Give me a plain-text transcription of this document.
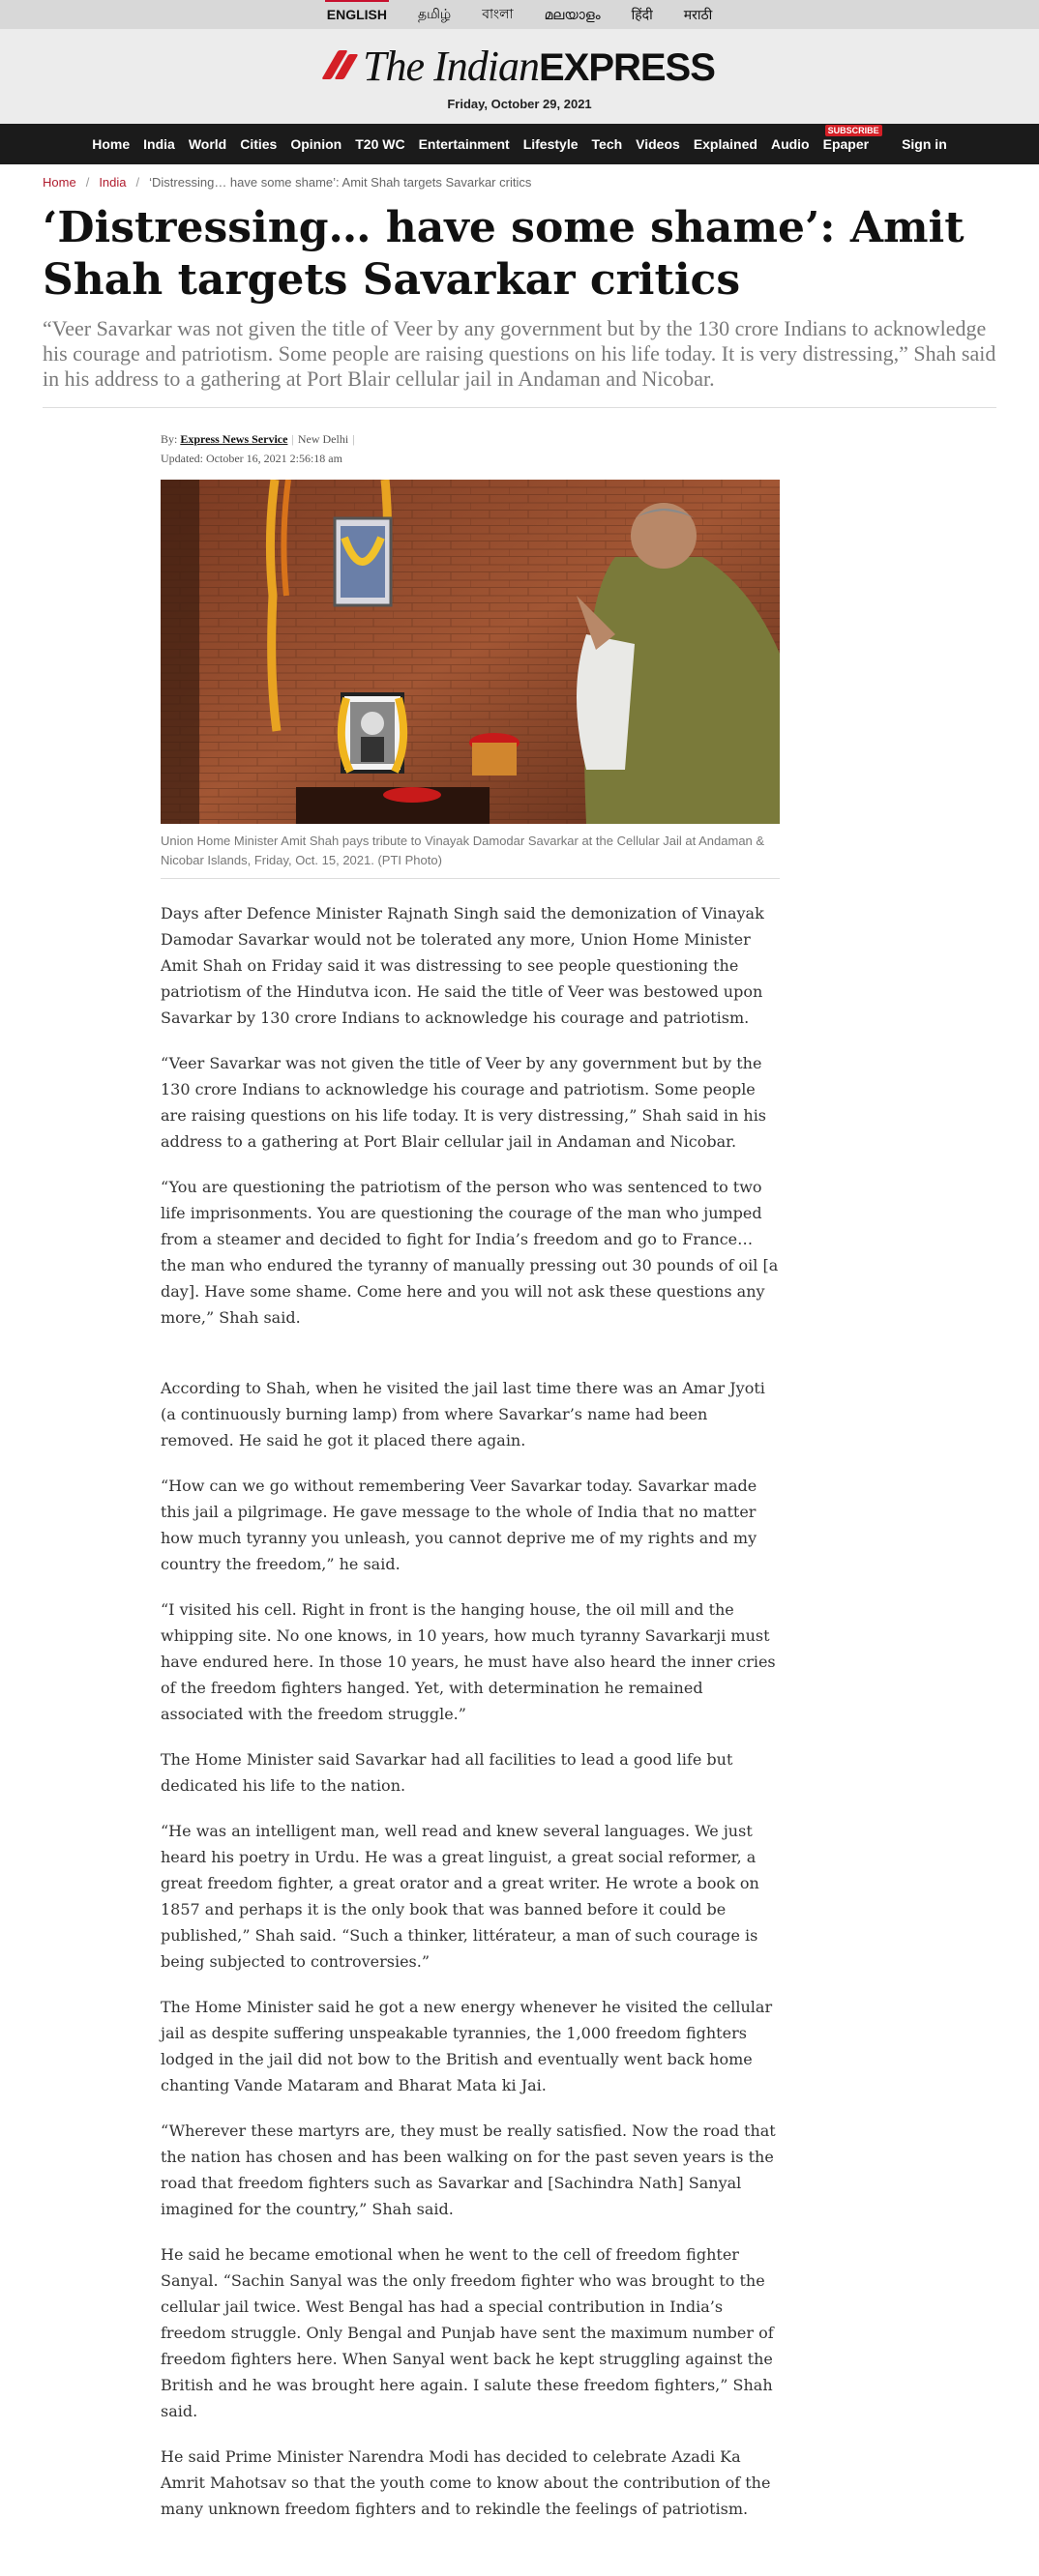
ENGLISH தமிழ் বাংলা മലയാളം हिंदी मराठी
The IndianEXPRESS
Friday, October 29, 2021
Home India World Cities Opinion T20 WC Entertainment Lifestyle Tech Videos Explained Audio
SUBSCRIBE
Epaper Sign in
Home / India / ‘Distressing… have some shame’: Amit Shah targets Savarkar critics
‘Distressing… have some shame’: Amit Shah targets Savarkar critics
“Veer Savarkar was not given the title of Veer by any government but by the 130 crore Indians to acknowledge his courage and patriotism. Some people are raising questions on his life today. It is very distressing,” Shah said in his address to a gathering at Port Blair cellular jail in Andaman and Nicobar.
By: Express News Service | New Delhi |
Updated: October 16, 2021 2:56:18 am
Union Home Minister Amit Shah pays tribute to Vinayak Damodar Savarkar at the Cellular Jail at Andaman & Nicobar Islands, Friday, Oct. 15, 2021. (PTI Photo)

Days after Defence Minister Rajnath Singh said the demonization of Vinayak Damodar Savarkar would not be tolerated any more, Union Home Minister Amit Shah on Friday said it was distressing to see people questioning the patriotism of the Hindutva icon. He said the title of Veer was bestowed upon Savarkar by 130 crore Indians to acknowledge his courage and patriotism.

“Veer Savarkar was not given the title of Veer by any government but by the 130 crore Indians to acknowledge his courage and patriotism. Some people are raising questions on his life today. It is very distressing,” Shah said in his address to a gathering at Port Blair cellular jail in Andaman and Nicobar.

“You are questioning the patriotism of the person who was sentenced to two life imprisonments. You are questioning the courage of the man who jumped from a steamer and decided to fight for India’s freedom and go to France… the man who endured the tyranny of manually pressing out 30 pounds of oil [a day]. Have some shame. Come here and you will not ask these questions any more,” Shah said.

According to Shah, when he visited the jail last time there was an Amar Jyoti (a continuously burning lamp) from where Savarkar’s name had been removed. He said he got it placed there again.

“How can we go without remembering Veer Savarkar today. Savarkar made this jail a pilgrimage. He gave message to the whole of India that no matter how much tyranny you unleash, you cannot deprive me of my rights and my country the freedom,” he said.

“I visited his cell. Right in front is the hanging house, the oil mill and the whipping site. No one knows, in 10 years, how much tyranny Savarkarji must have endured here. In those 10 years, he must have also heard the inner cries of the freedom fighters hanged. Yet, with determination he remained associated with the freedom struggle.”

The Home Minister said Savarkar had all facilities to lead a good life but dedicated his life to the nation.

“He was an intelligent man, well read and knew several languages. We just heard his poetry in Urdu. He was a great linguist, a great social reformer, a great freedom fighter, a great orator and a great writer. He wrote a book on 1857 and perhaps it is the only book that was banned before it could be published,” Shah said. “Such a thinker, littérateur, a man of such courage is being subjected to controversies.”

The Home Minister said he got a new energy whenever he visited the cellular jail as despite suffering unspeakable tyrannies, the 1,000 freedom fighters lodged in the jail did not bow to the British and eventually went back home chanting Vande Mataram and Bharat Mata ki Jai.

“Wherever these martyrs are, they must be really satisfied. Now the road that the nation has chosen and has been walking on for the past seven years is the road that freedom fighters such as Savarkar and [Sachindra Nath] Sanyal imagined for the country,” Shah said.

He said he became emotional when he went to the cell of freedom fighter Sanyal. “Sachin Sanyal was the only freedom fighter who was brought to the cellular jail twice. West Bengal has had a special contribution in India’s freedom struggle. Only Bengal and Punjab have sent the maximum number of freedom fighters here. When Sanyal went back he kept struggling against the British and he was brought here again. I salute these freedom fighters,” Shah said.

He said Prime Minister Narendra Modi has decided to celebrate Azadi Ka Amrit Mahotsav so that the youth come to know about the contribution of the many unknown freedom fighters and to rekindle the feelings of patriotism.
